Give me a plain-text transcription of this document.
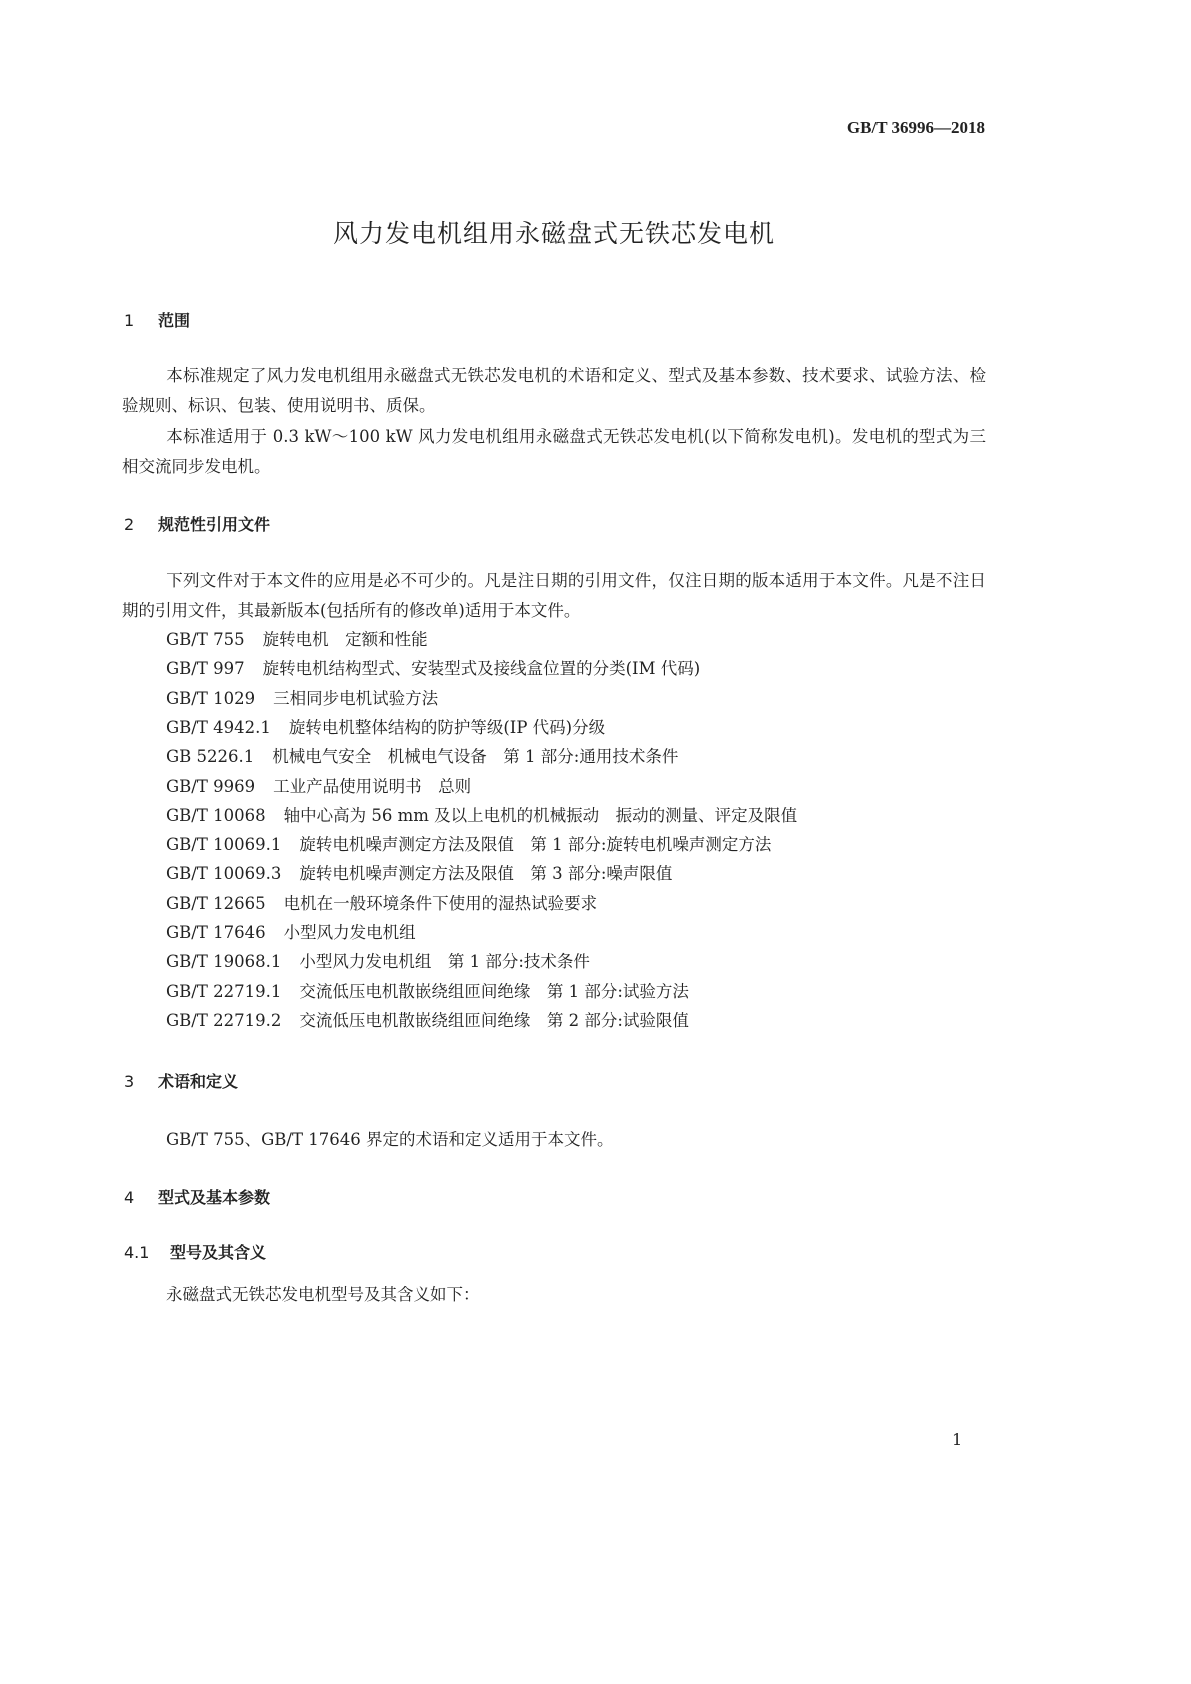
GB/T 36996—2018
风力发电机组用永磁盘式无铁芯发电机
1 范围
本标准规定了风力发电机组用永磁盘式无铁芯发电机的术语和定义、型式及基本参数、技术要求、试验方法、检验规则、标识、包装、使用说明书、质保。
本标准适用于 0.3 kW～100 kW 风力发电机组用永磁盘式无铁芯发电机(以下简称发电机)。发电机的型式为三相交流同步发电机。
2 规范性引用文件
下列文件对于本文件的应用是必不可少的。凡是注日期的引用文件，仅注日期的版本适用于本文件。凡是不注日期的引用文件，其最新版本(包括所有的修改单)适用于本文件。
GB/T 755 旋转电机　定额和性能
GB/T 997 旋转电机结构型式、安装型式及接线盒位置的分类(IM 代码)
GB/T 1029 三相同步电机试验方法
GB/T 4942.1 旋转电机整体结构的防护等级(IP 代码)分级
GB 5226.1 机械电气安全　机械电气设备　第 1 部分:通用技术条件
GB/T 9969 工业产品使用说明书　总则
GB/T 10068 轴中心高为 56 mm 及以上电机的机械振动　振动的测量、评定及限值
GB/T 10069.1 旋转电机噪声测定方法及限值　第 1 部分:旋转电机噪声测定方法
GB/T 10069.3 旋转电机噪声测定方法及限值　第 3 部分:噪声限值
GB/T 12665 电机在一般环境条件下使用的湿热试验要求
GB/T 17646 小型风力发电机组
GB/T 19068.1 小型风力发电机组　第 1 部分:技术条件
GB/T 22719.1 交流低压电机散嵌绕组匝间绝缘　第 1 部分:试验方法
GB/T 22719.2 交流低压电机散嵌绕组匝间绝缘　第 2 部分:试验限值
3 术语和定义
GB/T 755、GB/T 17646 界定的术语和定义适用于本文件。
4 型式及基本参数
4.1 型号及其含义
永磁盘式无铁芯发电机型号及其含义如下：
1
